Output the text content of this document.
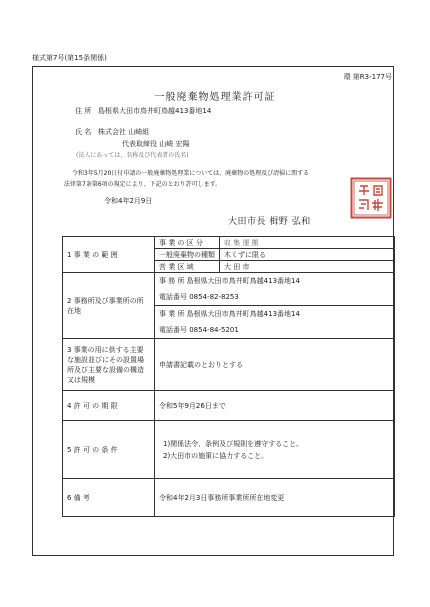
様式第7号(第15条関係)
環 第R3-177号
一般廃棄物処理業許可証
住 所 島根県大田市鳥井町鳥越413番地14
氏 名 株式会社 山崎組
代表取締役 山崎 宏陽
(法人にあっては、名称及び代表者の氏名)
令和3年5月20日付申請の一般廃棄物処理業については、廃棄物の処理及び清掃に関する
法律第7条第6項の規定により、下記のとおり許可します。
令和4年2月9日
大田市長 楫野 弘和
1 事 業 の 範 囲	事 業 の 区 分	収 集 運 搬
	一般廃棄物の種類	木くずに限る
	営 業 区 域	大 田 市
2 事務所及び事業所の所在地	事 務 所 島根県大田市鳥井町鳥越413番地14
電話番号 0854-82-8253	

	事 業 所 島根県大田市鳥井町鳥越413番地14
電話番号 0854-84-5201	

3 事業の用に供する主要な施設並びにその設置場所及び主要な設備の構造又は規模	申請書記載のとおりとする	
4 許 可 の 期 限	令和5年9月26日まで	
5 許 可 の 条 件	1)関係法令、条例及び規則を遵守すること。
2)大田市の施策に協力すること。	

6 備 考	令和4年2月3日事務所事業所所在地変更	
